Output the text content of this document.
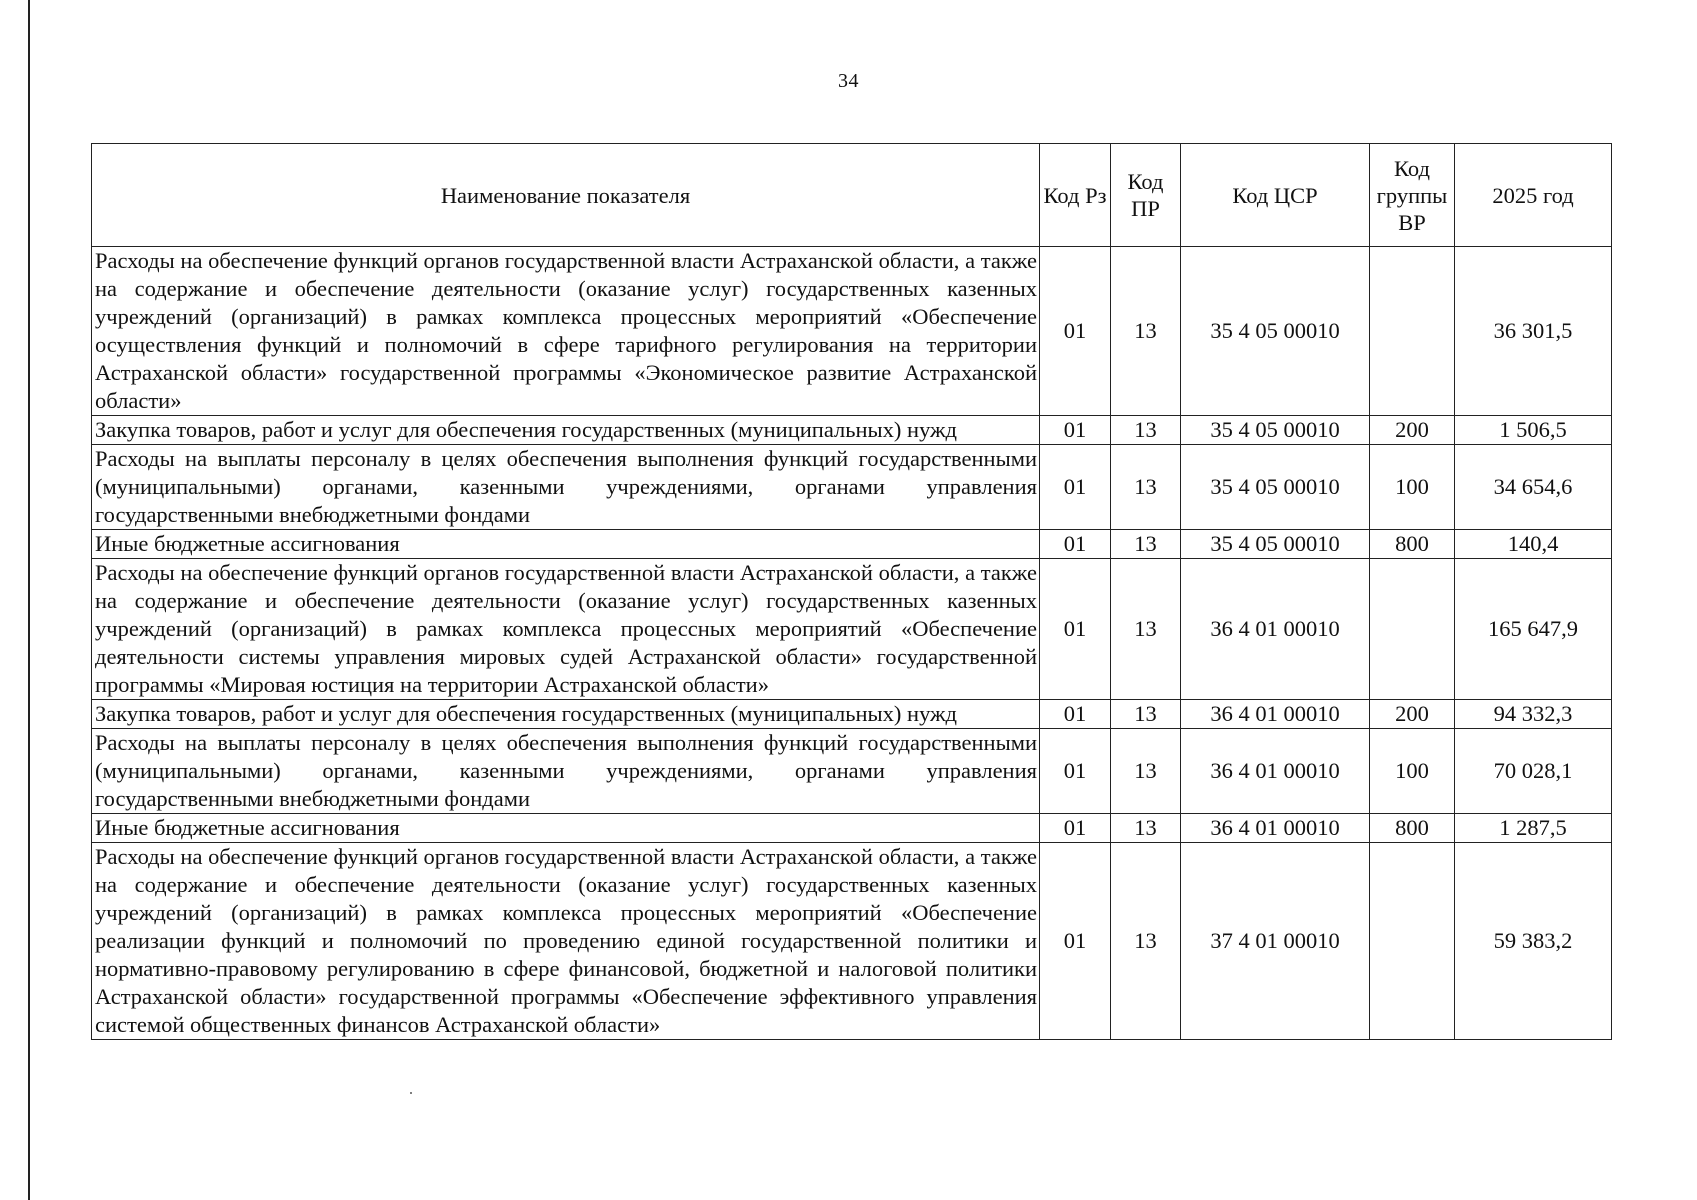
34
Наименование показателя	Код Рз	Код ПР	Код ЦСР	Код группы ВР	2025 год
Расходы на обеспечение функций органов государственной власти Астраханской области, а также на содержание и обеспечение деятельности (оказание услуг) государственных казенных учреждений (организаций) в рамках комплекса процессных мероприятий «Обеспечение осуществления функций и полномочий в сфере тарифного регулирования на территории Астраханской области» государственной программы «Экономическое развитие Астраханской области»	01	13	35 4 05 00010		36 301,5
Закупка товаров, работ и услуг для обеспечения государственных (муниципальных) нужд	01	13	35 4 05 00010	200	1 506,5
Расходы на выплаты персоналу в целях обеспечения выполнения функций государственными (муниципальными) органами, казенными учреждениями, органами управления государственными внебюджетными фондами	01	13	35 4 05 00010	100	34 654,6
Иные бюджетные ассигнования	01	13	35 4 05 00010	800	140,4
Расходы на обеспечение функций органов государственной власти Астраханской области, а также на содержание и обеспечение деятельности (оказание услуг) государственных казенных учреждений (организаций) в рамках комплекса процессных мероприятий «Обеспечение деятельности системы управления мировых судей Астраханской области» государственной программы «Мировая юстиция на территории Астраханской области»	01	13	36 4 01 00010		165 647,9
Закупка товаров, работ и услуг для обеспечения государственных (муниципальных) нужд	01	13	36 4 01 00010	200	94 332,3
Расходы на выплаты персоналу в целях обеспечения выполнения функций государственными (муниципальными) органами, казенными учреждениями, органами управления государственными внебюджетными фондами	01	13	36 4 01 00010	100	70 028,1
Иные бюджетные ассигнования	01	13	36 4 01 00010	800	1 287,5
Расходы на обеспечение функций органов государственной власти Астраханской области, а также на содержание и обеспечение деятельности (оказание услуг) государственных казенных учреждений (организаций) в рамках комплекса процессных мероприятий «Обеспечение реализации функций и полномочий по проведению единой государственной политики и нормативно-правовому регулированию в сфере финансовой, бюджетной и налоговой политики Астраханской области» государственной программы «Обеспечение эффективного управления системой общественных финансов Астраханской области»	01	13	37 4 01 00010		59 383,2
